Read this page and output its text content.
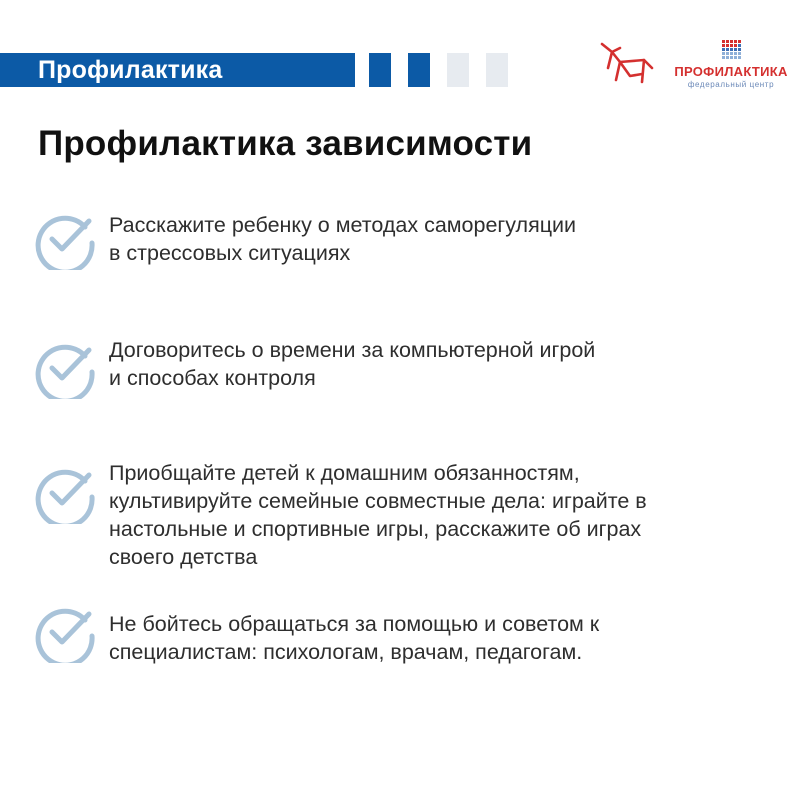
Профилактика	ПРОФИЛАКТИКА
федеральный центр
Профилактика зависимости

Расскажите ребенку о методах саморегуляции
в стрессовых ситуациях

Договоритесь о времени за компьютерной игрой
и способах контроля

Приобщайте детей к домашним обязанностям,
культивируйте семейные совместные дела: играйте в
настольные и спортивные игры, расскажите об играх
своего детства

Не бойтесь обращаться за помощью и советом к
специалистам: психологам, врачам, педагогам.
